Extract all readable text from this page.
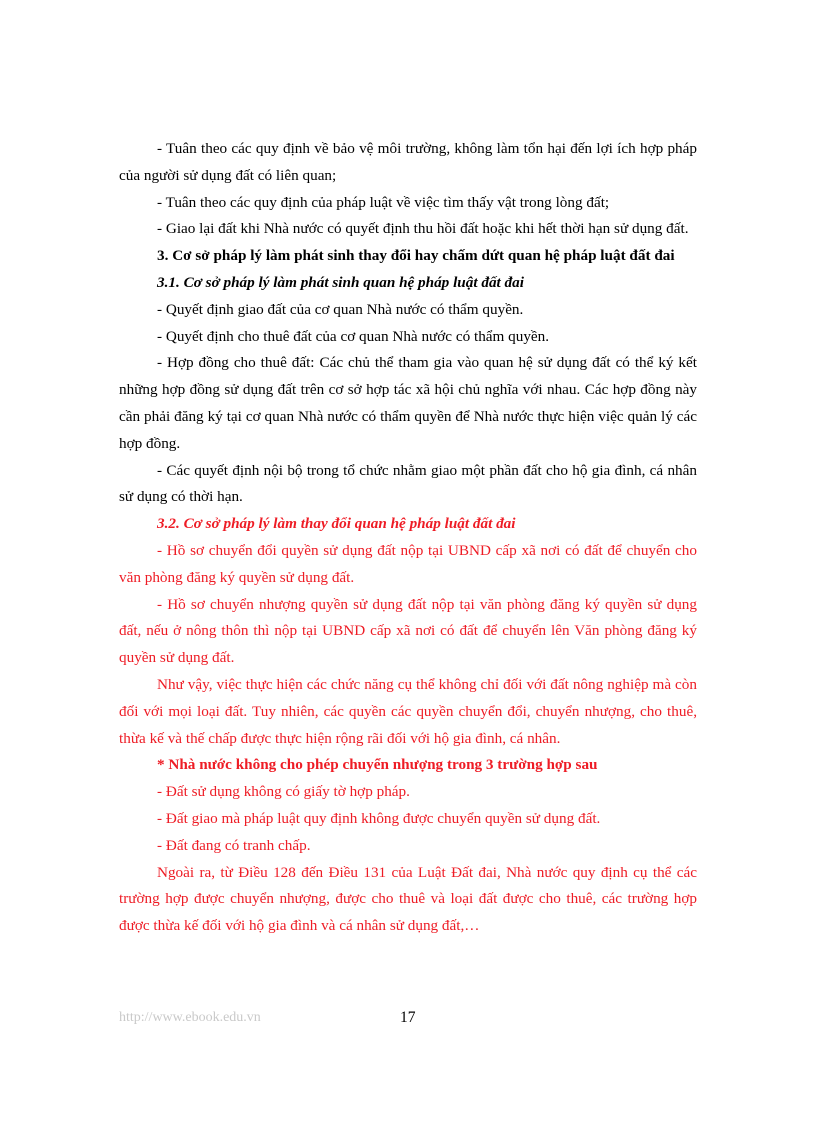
- Tuân theo các quy định về bảo vệ môi trường, không làm tổn hại đến lợi ích hợp pháp của người sử dụng đất có liên quan;

- Tuân theo các quy định của pháp luật về việc tìm thấy vật trong lòng đất;

- Giao lại đất khi Nhà nước có quyết định thu hồi đất hoặc khi hết thời hạn sử dụng đất.

3. Cơ sở pháp lý làm phát sinh thay đổi hay chấm dứt quan hệ pháp luật đất đai

3.1. Cơ sở pháp lý làm phát sinh quan hệ pháp luật đất đai

- Quyết định giao đất của cơ quan Nhà nước có thẩm quyền.

- Quyết định cho thuê đất của cơ quan Nhà nước có thẩm quyền.

- Hợp đồng cho thuê đất: Các chủ thể tham gia vào quan hệ sử dụng đất có thể ký kết những hợp đồng sử dụng đất trên cơ sở hợp tác xã hội chủ nghĩa với nhau. Các hợp đồng này cần phải đăng ký tại cơ quan Nhà nước có thẩm quyền để Nhà nước thực hiện việc quản lý các hợp đồng.

- Các quyết định nội bộ trong tổ chức nhằm giao một phần đất cho hộ gia đình, cá nhân sử dụng có thời hạn.

3.2. Cơ sở pháp lý làm thay đổi quan hệ pháp luật đất đai

- Hồ sơ chuyển đổi quyền sử dụng đất nộp tại UBND cấp xã nơi có đất để chuyển cho văn phòng đăng ký quyền sử dụng đất.

- Hồ sơ chuyển nhượng quyền sử dụng đất nộp tại văn phòng đăng ký quyền sử dụng đất, nếu ở nông thôn thì nộp tại UBND cấp xã nơi có đất để chuyển lên Văn phòng đăng ký quyền sử dụng đất.

Như vậy, việc thực hiện các chức năng cụ thể không chỉ đối với đất nông nghiệp mà còn đối với mọi loại đất. Tuy nhiên, các quyền các quyền chuyển đổi, chuyển nhượng, cho thuê, thừa kế và thế chấp được thực hiện rộng rãi đối với hộ gia đình, cá nhân.

* Nhà nước không cho phép chuyển nhượng trong 3 trường hợp sau

- Đất sử dụng không có giấy tờ hợp pháp.

- Đất giao mà pháp luật quy định không được chuyển quyền sử dụng đất.

- Đất đang có tranh chấp.

Ngoài ra, từ Điều 128 đến Điều 131 của Luật Đất đai, Nhà nước quy định cụ thể các trường hợp được chuyển nhượng, được cho thuê và loại đất được cho thuê, các trường hợp được thừa kế đối với hộ gia đình và cá nhân sử dụng đất,…

http://www.ebook.edu.vn	17
